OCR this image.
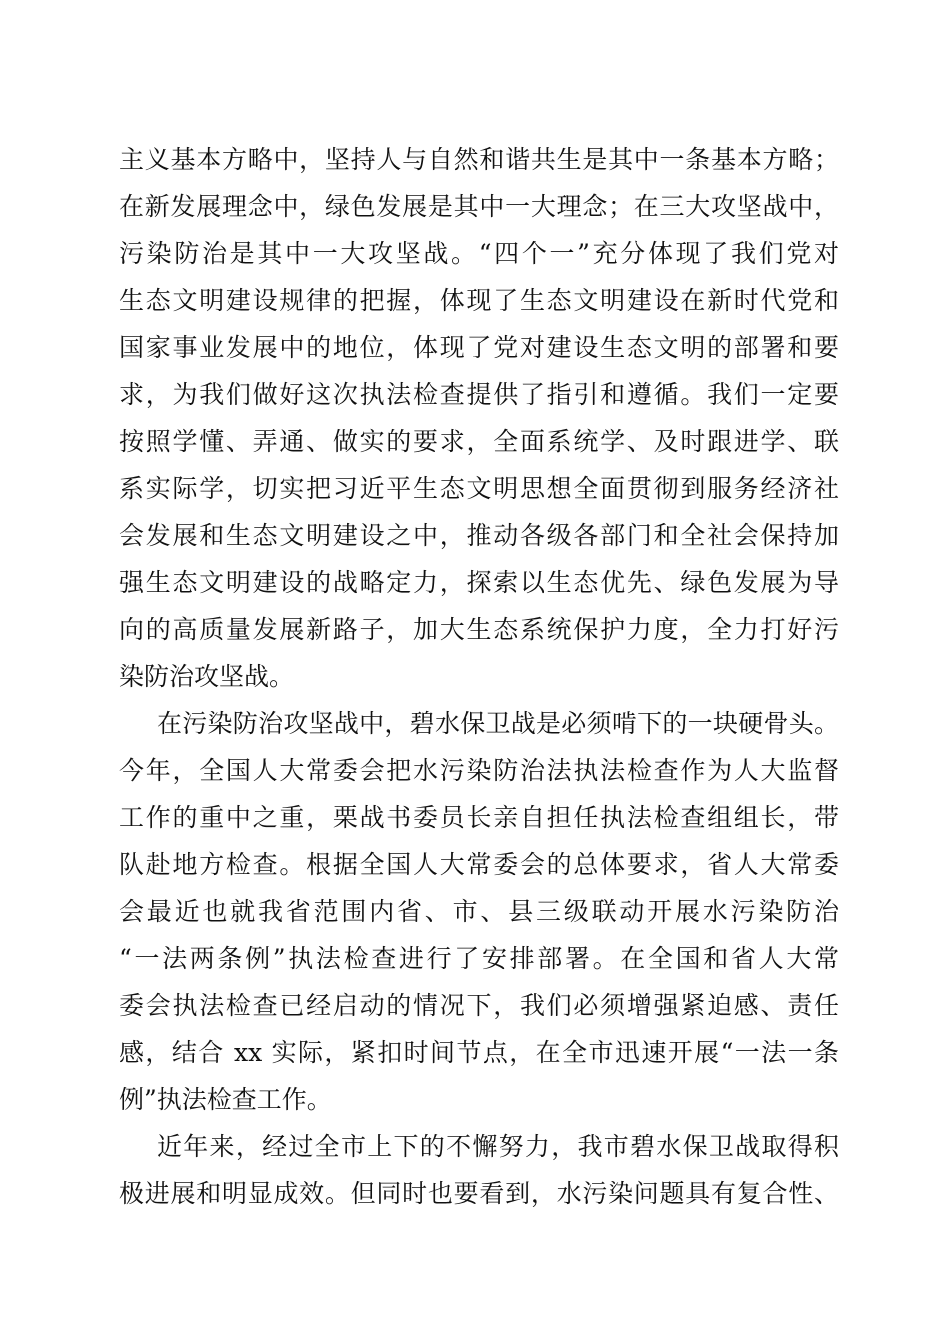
主义基本方略中，坚持人与自然和谐共生是其中一条基本方略；
在新发展理念中，绿色发展是其中一大理念；在三大攻坚战中，
污染防治是其中一大攻坚战。“四个一”充分体现了我们党对
生态文明建设规律的把握，体现了生态文明建设在新时代党和
国家事业发展中的地位，体现了党对建设生态文明的部署和要
求，为我们做好这次执法检查提供了指引和遵循。我们一定要
按照学懂、弄通、做实的要求，全面系统学、及时跟进学、联
系实际学，切实把习近平生态文明思想全面贯彻到服务经济社
会发展和生态文明建设之中，推动各级各部门和全社会保持加
强生态文明建设的战略定力，探索以生态优先、绿色发展为导
向的高质量发展新路子，加大生态系统保护力度，全力打好污
染防治攻坚战。
在污染防治攻坚战中，碧水保卫战是必须啃下的一块硬骨头。
今年，全国人大常委会把水污染防治法执法检查作为人大监督
工作的重中之重，栗战书委员长亲自担任执法检查组组长，带
队赴地方检查。根据全国人大常委会的总体要求，省人大常委
会最近也就我省范围内省、市、县三级联动开展水污染防治
“一法两条例”执法检查进行了安排部署。在全国和省人大常
委会执法检查已经启动的情况下，我们必须增强紧迫感、责任
感，结合 xx 实际，紧扣时间节点，在全市迅速开展“一法一条
例”执法检查工作。
近年来，经过全市上下的不懈努力，我市碧水保卫战取得积
极进展和明显成效。但同时也要看到，水污染问题具有复合性、
